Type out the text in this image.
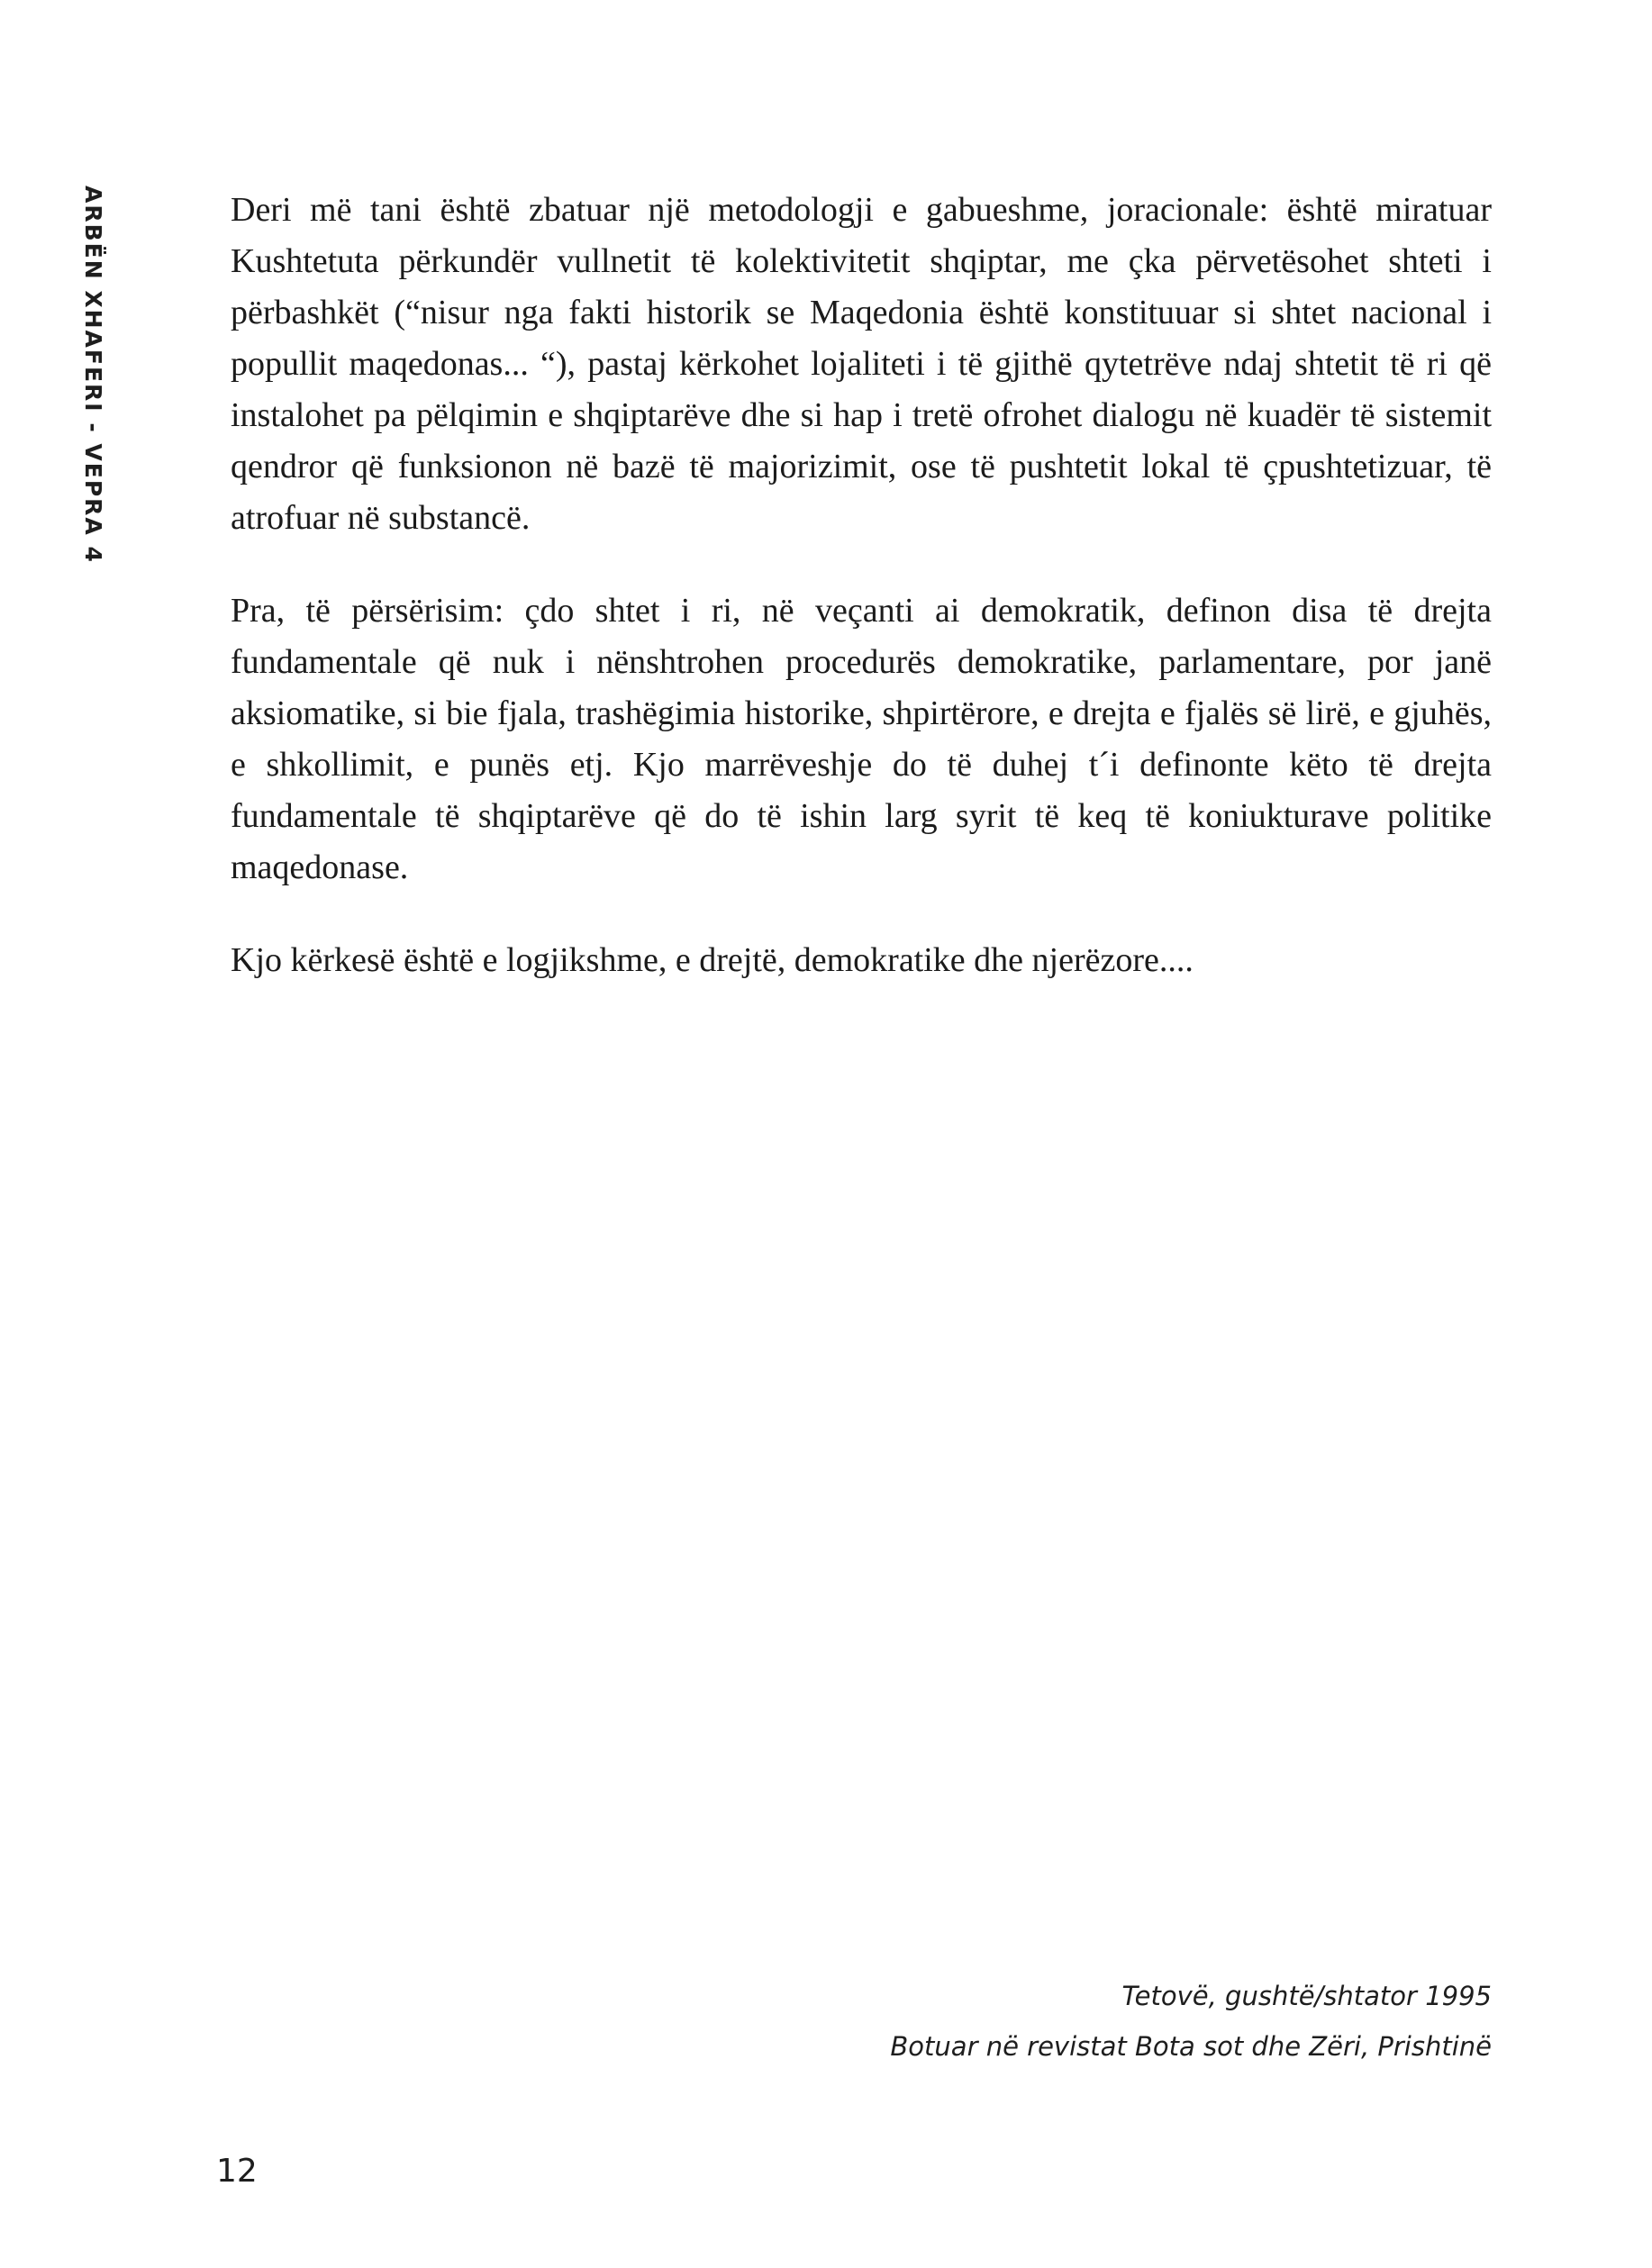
ARBËN XHAFERI - VEPRA 4	Deri më tani është zbatuar një metodologji e gabueshme, joracionale: është miratuar Kushtetuta përkundër vullnetit të kolektivitetit shqiptar, me çka përvetësohet shteti i përbashkët (“nisur nga fakti historik se Maqedonia është konstituuar si shtet nacional i popullit maqedonas... “), pastaj kërkohet lojaliteti i të gjithë qytetrëve ndaj shtetit të ri që instalohet pa pëlqimin e shqiptarëve dhe si hap i tretë ofrohet dialogu në kuadër të sistemit qendror që funksionon në bazë të majorizimit, ose të pushtetit lokal të çpushtetizuar, të atrofuar në substancë.

Pra, të përsërisim: çdo shtet i ri, në veçanti ai demokratik, definon disa të drejta fundamentale që nuk i nënshtrohen procedurës demokratike, parlamentare, por janë aksiomatike, si bie fjala, trashëgimia historike, shpirtërore, e drejta e fjalës së lirë, e gjuhës, e shkollimit, e punës etj. Kjo marrëveshje do të duhej t´i definonte këto të drejta fundamentale të shqiptarëve që do të ishin larg syrit të keq të koniukturave politike maqedonase.

Kjo kërkesë është e logjikshme, e drejtë, demokratike dhe njerëzore....

Tetovë, gushtë/shtator 1995
Botuar në revistat Bota sot dhe Zëri, Prishtinë
12
